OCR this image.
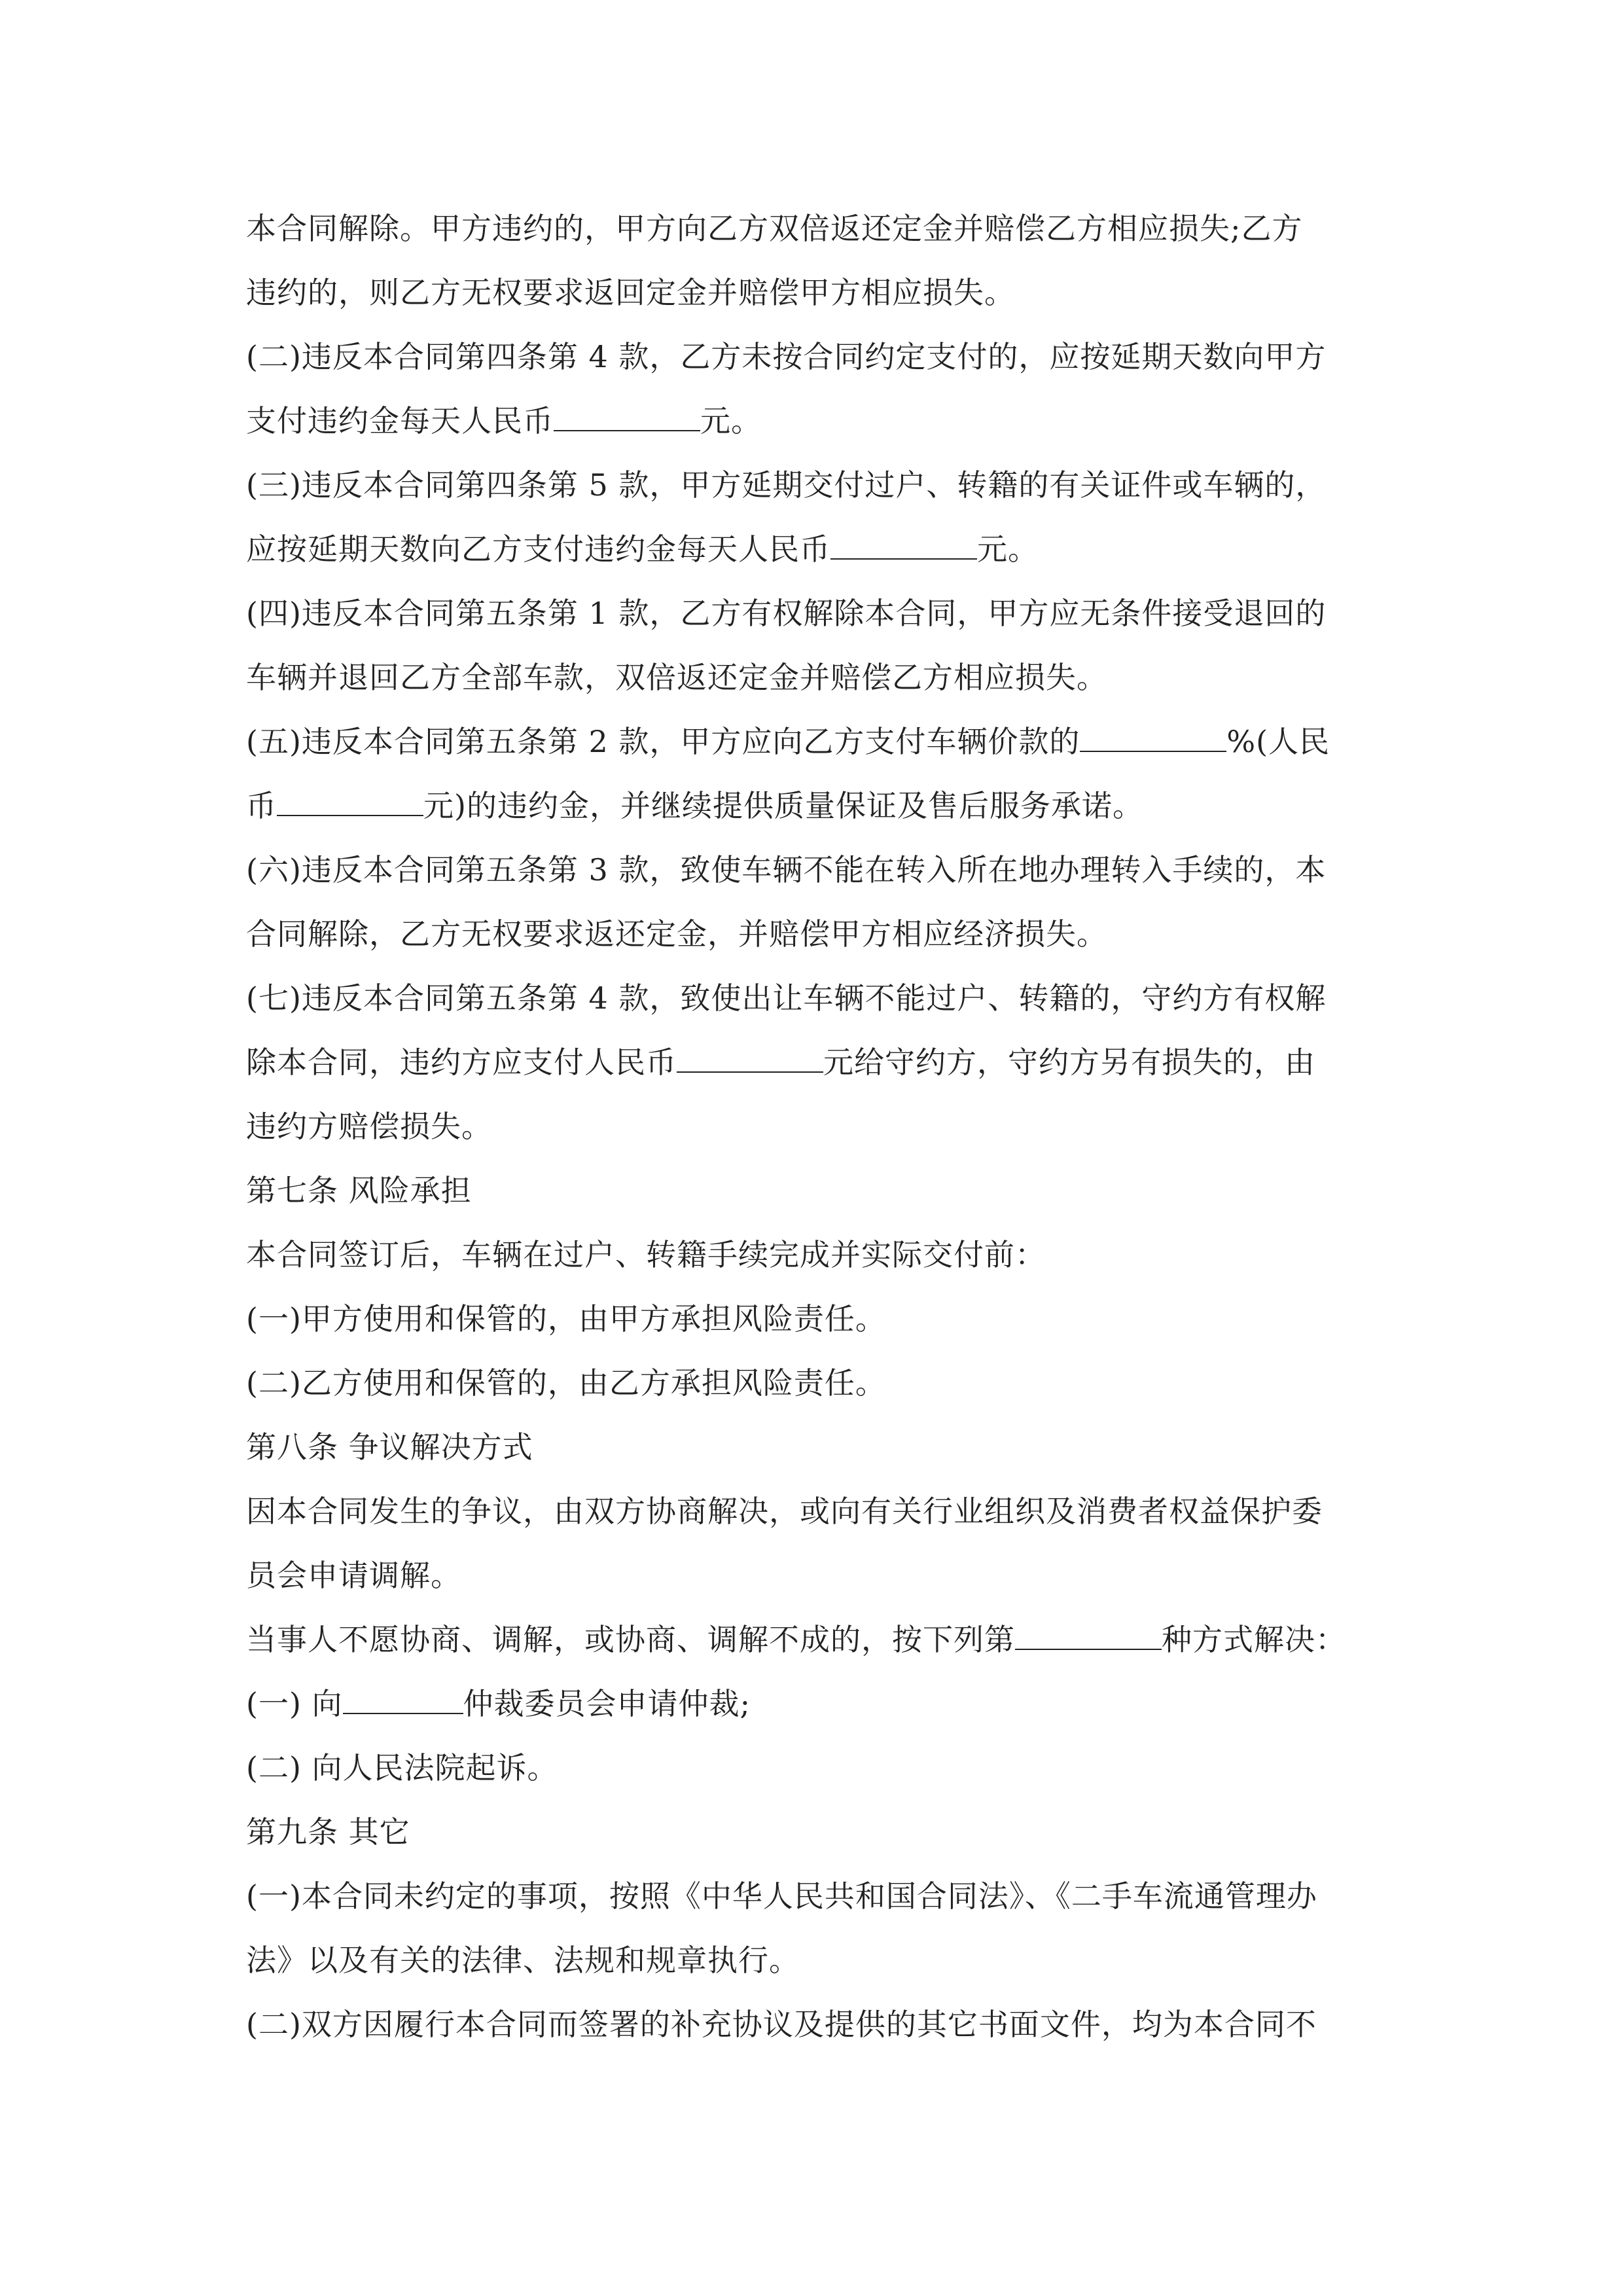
本合同解除。甲方违约的，甲方向乙方双倍返还定金并赔偿乙方相应损失;乙方

违约的，则乙方无权要求返回定金并赔偿甲方相应损失。

(二)违反本合同第四条第 4 款，乙方未按合同约定支付的，应按延期天数向甲方

支付违约金每天人民币	元。

(三)违反本合同第四条第 5 款，甲方延期交付过户、转籍的有关证件或车辆的，

应按延期天数向乙方支付违约金每天人民币	元。

(四)违反本合同第五条第 1 款，乙方有权解除本合同，甲方应无条件接受退回的

车辆并退回乙方全部车款，双倍返还定金并赔偿乙方相应损失。

(五)违反本合同第五条第 2 款，甲方应向乙方支付车辆价款的	%(人民

币	元)的违约金，并继续提供质量保证及售后服务承诺。

(六)违反本合同第五条第 3 款，致使车辆不能在转入所在地办理转入手续的，本

合同解除，乙方无权要求返还定金，并赔偿甲方相应经济损失。

(七)违反本合同第五条第 4 款，致使出让车辆不能过户、转籍的，守约方有权解

除本合同，违约方应支付人民币	元给守约方，守约方另有损失的，由

违约方赔偿损失。

第七条 风险承担

本合同签订后，车辆在过户、转籍手续完成并实际交付前：

(一)甲方使用和保管的，由甲方承担风险责任。

(二)乙方使用和保管的，由乙方承担风险责任。

第八条 争议解决方式

因本合同发生的争议，由双方协商解决，或向有关行业组织及消费者权益保护委

员会申请调解。

当事人不愿协商、调解，或协商、调解不成的，按下列第	种方式解决：

(一) 向	仲裁委员会申请仲裁;

(二) 向人民法院起诉。

第九条 其它

(一)本合同未约定的事项，按照《中华人民共和国合同法》、《二手车流通管理办

法》以及有关的法律、法规和规章执行。

(二)双方因履行本合同而签署的补充协议及提供的其它书面文件，均为本合同不
